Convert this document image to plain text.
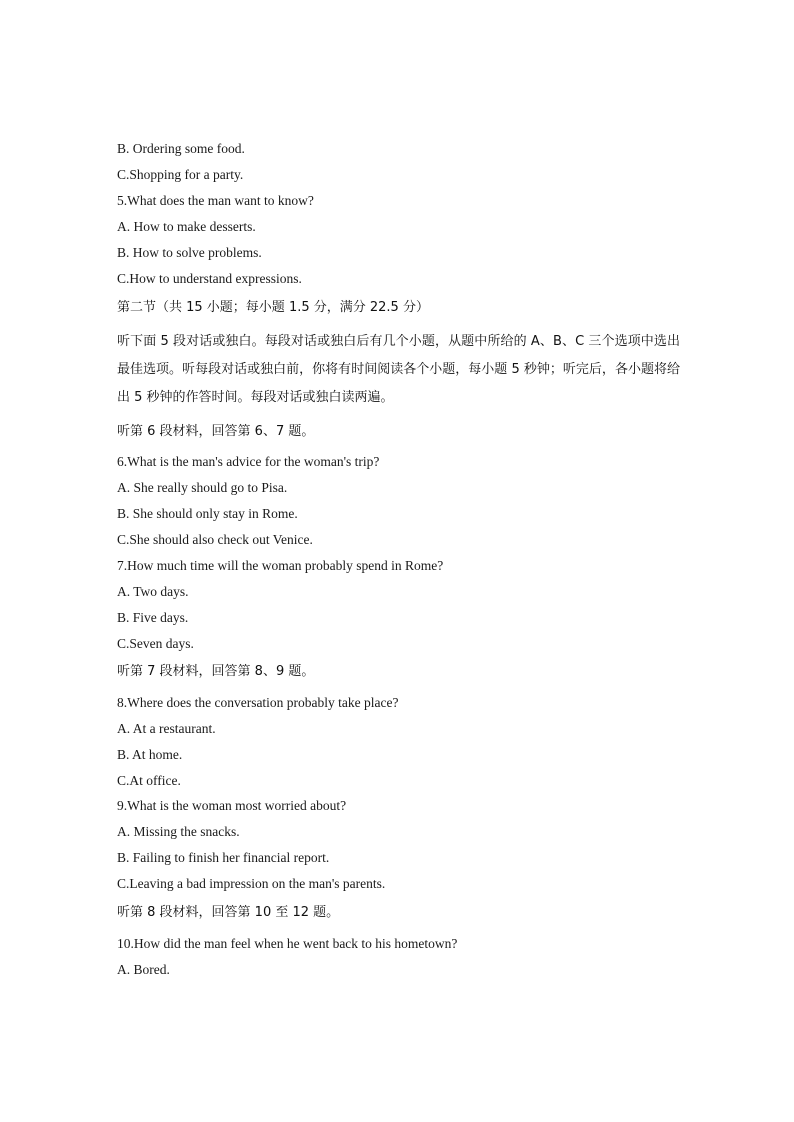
B. Ordering some food.
C.Shopping for a party.
5.What does the man want to know?
A. How to make desserts.
B. How to solve problems.
C.How to understand expressions.
第二节（共 15 小题；每小题 1.5 分，满分 22.5 分）
听下面 5 段对话或独白。每段对话或独白后有几个小题，从题中所给的 A、B、C 三个选项中选出最佳选项。听每段对话或独白前，你将有时间阅读各个小题，每小题 5 秒钟；听完后，各小题将给出 5 秒钟的作答时间。每段对话或独白读两遍。
听第 6 段材料，回答第 6、7 题。
6.What is the man's advice for the woman's trip?
A. She really should go to Pisa.
B. She should only stay in Rome.
C.She should also check out Venice.
7.How much time will the woman probably spend in Rome?
A. Two days.
B. Five days.
C.Seven days.
听第 7 段材料，回答第 8、9 题。
8.Where does the conversation probably take place?
A. At a restaurant.
B. At home.
C.At office.
9.What is the woman most worried about?
A. Missing the snacks.
B. Failing to finish her financial report.
C.Leaving a bad impression on the man's parents.
听第 8 段材料，回答第 10 至 12 题。
10.How did the man feel when he went back to his hometown?
A. Bored.
